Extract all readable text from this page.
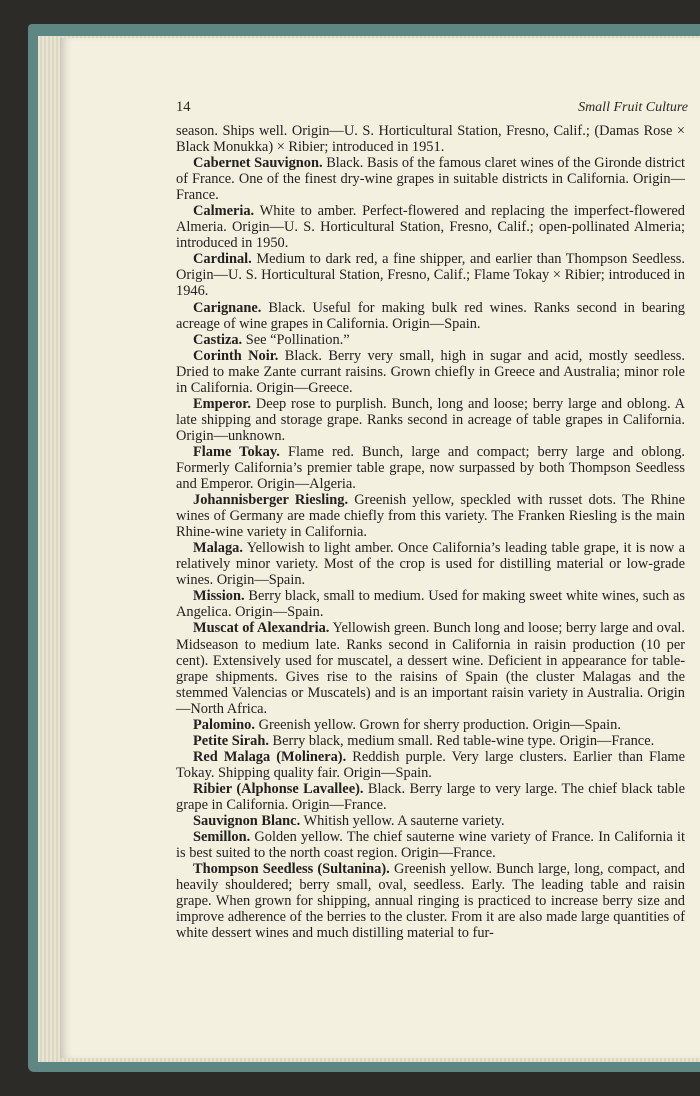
14	Small Fruit Culture

season. Ships well. Origin—U. S. Horticultural Station, Fresno, Calif.; (Damas Rose × Black Monukka) × Ribier; introduced in 1951.

Cabernet Sauvignon. Black. Basis of the famous claret wines of the Gironde district of France. One of the finest dry-wine grapes in suitable districts in California. Origin—France.

Calmeria. White to amber. Perfect-flowered and replacing the imperfect-flowered Almeria. Origin—U. S. Horticultural Station, Fresno, Calif.; open-pollinated Almeria; introduced in 1950.

Cardinal. Medium to dark red, a fine shipper, and earlier than Thompson Seedless. Origin—U. S. Horticultural Station, Fresno, Calif.; Flame Tokay × Ribier; introduced in 1946.

Carignane. Black. Useful for making bulk red wines. Ranks second in bearing acreage of wine grapes in California. Origin—Spain.

Castiza. See “Pollination.”

Corinth Noir. Black. Berry very small, high in sugar and acid, mostly seedless. Dried to make Zante currant raisins. Grown chiefly in Greece and Australia; minor role in California. Origin—Greece.

Emperor. Deep rose to purplish. Bunch, long and loose; berry large and oblong. A late shipping and storage grape. Ranks second in acreage of table grapes in California. Origin—unknown.

Flame Tokay. Flame red. Bunch, large and compact; berry large and oblong. Formerly California’s premier table grape, now surpassed by both Thompson Seedless and Emperor. Origin—Algeria.

Johannisberger Riesling. Greenish yellow, speckled with russet dots. The Rhine wines of Germany are made chiefly from this variety. The Franken Riesling is the main Rhine-wine variety in California.

Malaga. Yellowish to light amber. Once California’s leading table grape, it is now a relatively minor variety. Most of the crop is used for distilling material or low-grade wines. Origin—Spain.

Mission. Berry black, small to medium. Used for making sweet white wines, such as Angelica. Origin—Spain.

Muscat of Alexandria. Yellowish green. Bunch long and loose; berry large and oval. Midseason to medium late. Ranks second in California in raisin production (10 per cent). Extensively used for muscatel, a dessert wine. Deficient in appearance for table-grape shipments. Gives rise to the raisins of Spain (the cluster Malagas and the stemmed Valencias or Muscatels) and is an important raisin variety in Australia. Origin—North Africa.

Palomino. Greenish yellow. Grown for sherry production. Origin—Spain.

Petite Sirah. Berry black, medium small. Red table-wine type. Origin—France.

Red Malaga (Molinera). Reddish purple. Very large clusters. Earlier than Flame Tokay. Shipping quality fair. Origin—Spain.

Ribier (Alphonse Lavallee). Black. Berry large to very large. The chief black table grape in California. Origin—France.

Sauvignon Blanc. Whitish yellow. A sauterne variety.

Semillon. Golden yellow. The chief sauterne wine variety of France. In California it is best suited to the north coast region. Origin—France.

Thompson Seedless (Sultanina). Greenish yellow. Bunch large, long, compact, and heavily shouldered; berry small, oval, seedless. Early. The leading table and raisin grape. When grown for shipping, annual ringing is practiced to increase berry size and improve adherence of the berries to the cluster. From it are also made large quantities of white dessert wines and much distilling material to fur-
